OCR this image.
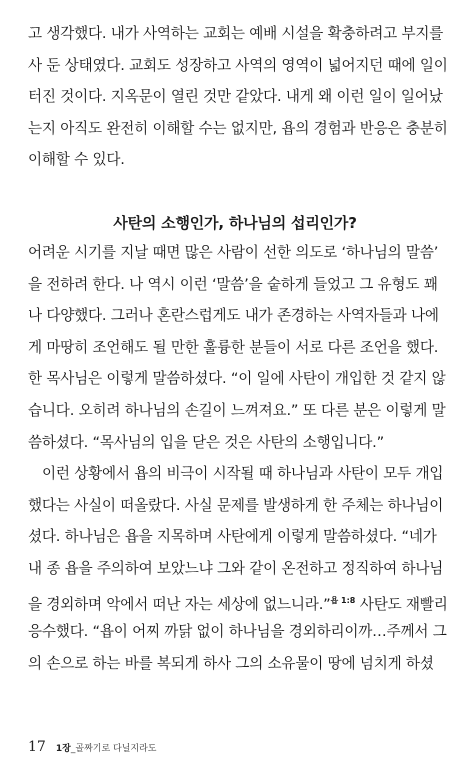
고 생각했다. 내가 사역하는 교회는 예배 시설을 확충하려고 부지를
사 둔 상태였다. 교회도 성장하고 사역의 영역이 넓어지던 때에 일이
터진 것이다. 지옥문이 열린 것만 같았다. 내게 왜 이런 일이 일어났
는지 아직도 완전히 이해할 수는 없지만, 욥의 경험과 반응은 충분히
이해할 수 있다.
사탄의 소행인가, 하나님의 섭리인가?
어려운 시기를 지날 때면 많은 사람이 선한 의도로 ‘하나님의 말씀’
을 전하려 한다. 나 역시 이런 ‘말씀’을 숱하게 들었고 그 유형도 꽤
나 다양했다. 그러나 혼란스럽게도 내가 존경하는 사역자들과 나에
게 마땅히 조언해도 될 만한 훌륭한 분들이 서로 다른 조언을 했다.
한 목사님은 이렇게 말씀하셨다. “이 일에 사탄이 개입한 것 같지 않
습니다. 오히려 하나님의 손길이 느껴져요.” 또 다른 분은 이렇게 말
씀하셨다. “목사님의 입을 닫은 것은 사탄의 소행입니다.”
이런 상황에서 욥의 비극이 시작될 때 하나님과 사탄이 모두 개입
했다는 사실이 떠올랐다. 사실 문제를 발생하게 한 주체는 하나님이
셨다. 하나님은 욥을 지목하며 사탄에게 이렇게 말씀하셨다. “네가
내 종 욥을 주의하여 보았느냐 그와 같이 온전하고 정직하여 하나님
을 경외하며 악에서 떠난 자는 세상에 없느니라.”$^{욥 1:8}$ 사탄도 재빨리
응수했다. “욥이 어찌 까닭 없이 하나님을 경외하리이까…주께서 그
의 손으로 하는 바를 복되게 하사 그의 소유물이 땅에 넘치게 하셨
17 1장_골짜기로 다닐지라도
